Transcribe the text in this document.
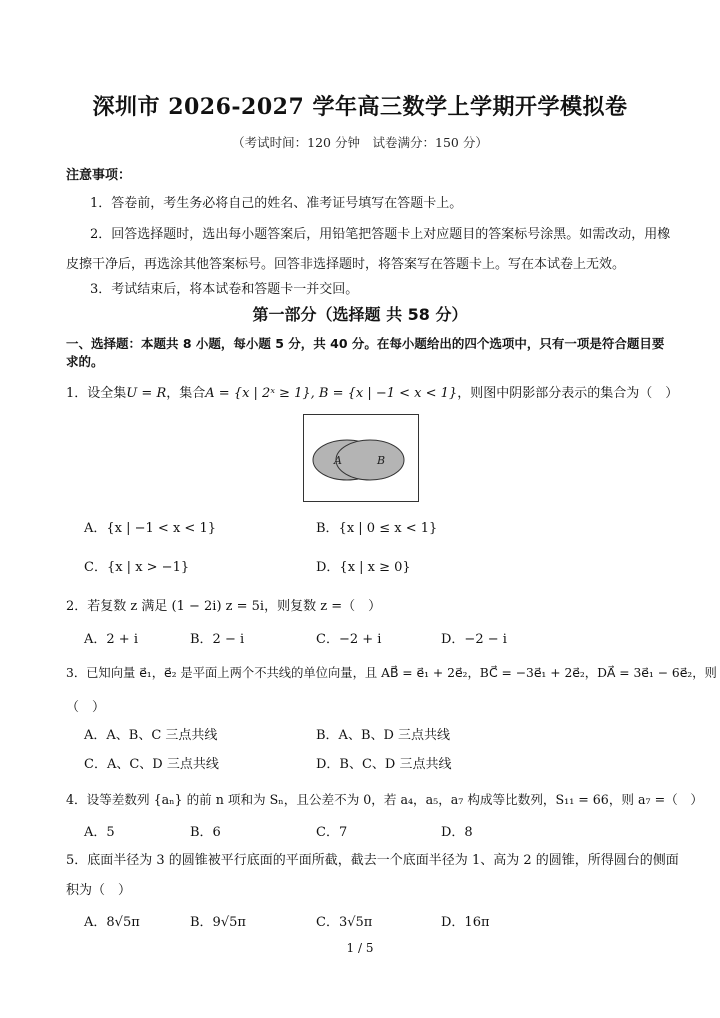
深圳市 2026-2027 学年高三数学上学期开学模拟卷
（考试时间：120 分钟　试卷满分：150 分）
注意事项：
1．答卷前，考生务必将自己的姓名、准考证号填写在答题卡上。
2．回答选择题时，选出每小题答案后，用铅笔把答题卡上对应题目的答案标号涂黑。如需改动，用橡
皮擦干净后，再选涂其他答案标号。回答非选择题时，将答案写在答题卡上。写在本试卷上无效。
3．考试结束后，将本试卷和答题卡一并交回。
第一部分（选择题 共 58 分）
一、选择题：本题共 8 小题，每小题 5 分，共 40 分。在每小题给出的四个选项中，只有一项是符合题目要求的。
1．设全集U = R，集合A = {x | 2ˣ ≥ 1}, B = {x | −1 < x < 1}，则图中阴影部分表示的集合为（　）
A	B
A．{x | −1 < x < 1}	B．{x | 0 ≤ x < 1}
C．{x | x > −1}	D．{x | x ≥ 0}
2．若复数 z 满足 (1 − 2i) z = 5i，则复数 z =（　）
A．2 + i	B．2 − i	C．−2 + i	D．−2 − i
3．已知向量 e⃗₁，e⃗₂ 是平面上两个不共线的单位向量，且 AB⃗ = e⃗₁ + 2e⃗₂，BC⃗ = −3e⃗₁ + 2e⃗₂，DA⃗ = 3e⃗₁ − 6e⃗₂，则
（　）
A．A、B、C 三点共线	B．A、B、D 三点共线
C．A、C、D 三点共线	D．B、C、D 三点共线
4．设等差数列 {aₙ} 的前 n 项和为 Sₙ，且公差不为 0，若 a₄，a₅，a₇ 构成等比数列，S₁₁ = 66，则 a₇ =（　）
A．5	B．6	C．7	D．8
5．底面半径为 3 的圆锥被平行底面的平面所截，截去一个底面半径为 1、高为 2 的圆锥，所得圆台的侧面
积为（　）
A．8√5π	B．9√5π	C．3√5π	D．16π
1 / 5
